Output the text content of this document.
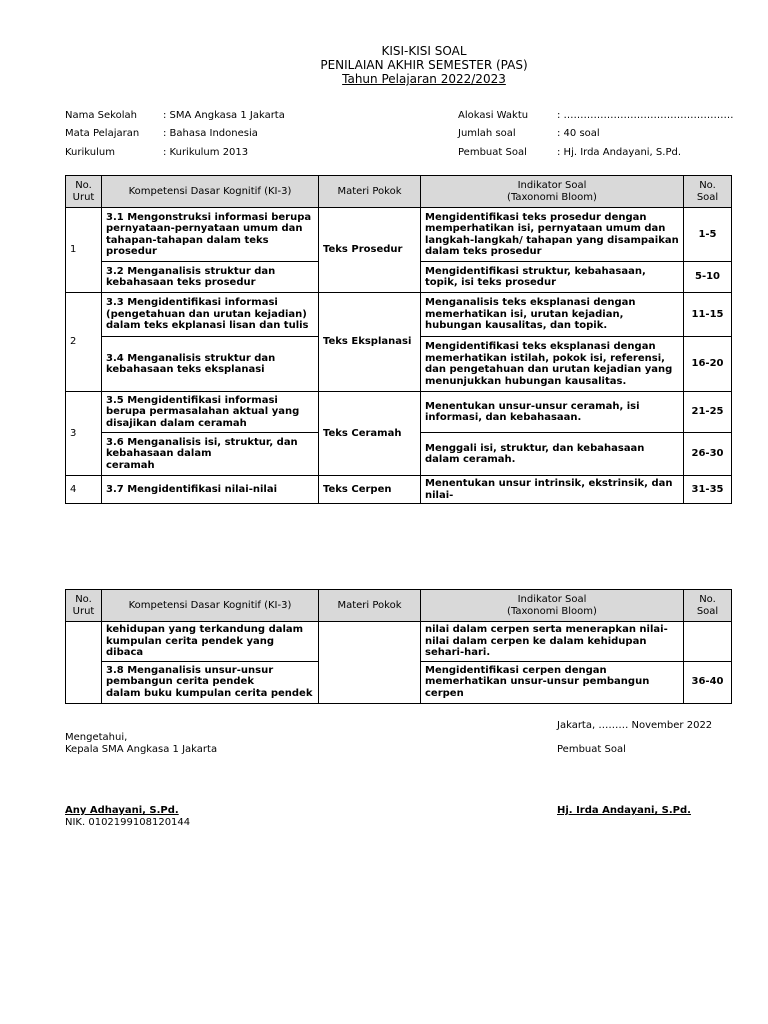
KISI-KISI SOAL
PENILAIAN AKHIR SEMESTER (PAS)
Tahun Pelajaran 2022/2023
Nama Sekolah	: SMA Angkasa 1 Jakarta
Mata Pelajaran : Bahasa Indonesia
Kurikulum	: Kurikulum 2013
Alokasi Waktu	: ……………………………………………
Jumlah soal	: 40 soal
Pembuat Soal	: Hj. Irda Andayani, S.Pd.
No.
Urut	Kompetensi Dasar Kognitif (KI-3)	Materi Pokok	Indikator Soal
(Taxonomi Bloom)	No.
Soal
1	3.1 Mengonstruksi informasi berupa pernyataan-pernyataan umum dan tahapan-tahapan dalam teks prosedur	Teks Prosedur	Mengidentifikasi teks prosedur dengan memperhatikan isi, pernyataan umum dan langkah-langkah/ tahapan yang disampaikan dalam teks prosedur	1-5
	3.2 Menganalisis struktur dan kebahasaan teks prosedur		Mengidentifikasi struktur, kebahasaan, topik, isi teks prosedur	5-10
2	3.3 Mengidentifikasi informasi (pengetahuan dan urutan kejadian) dalam teks ekplanasi lisan dan tulis	Teks Eksplanasi	Menganalisis teks eksplanasi dengan memerhatikan isi, urutan kejadian, hubungan kausalitas, dan topik.	11-15
	3.4 Menganalisis struktur dan kebahasaan teks eksplanasi		Mengidentifikasi teks eksplanasi dengan memerhatikan istilah, pokok isi, referensi, dan pengetahuan dan urutan kejadian yang menunjukkan hubungan kausalitas.	16-20
3	3.5 Mengidentifikasi informasi berupa permasalahan aktual yang disajikan dalam ceramah	Teks Ceramah	Menentukan unsur-unsur ceramah, isi informasi, dan kebahasaan.	21-25
	3.6 Menganalisis isi, struktur, dan
kebahasaan dalam
ceramah		Menggali isi, struktur, dan kebahasaan dalam ceramah.	26-30
4	3.7 Mengidentifikasi nilai-nilai	Teks Cerpen	Menentukan unsur intrinsik, ekstrinsik, dan nilai-	31-35
No.
Urut	Kompetensi Dasar Kognitif (KI-3)	Materi Pokok	Indikator Soal
(Taxonomi Bloom)	No.
Soal
	kehidupan yang terkandung dalam kumpulan cerita pendek yang dibaca		nilai dalam cerpen serta menerapkan nilai-nilai dalam cerpen ke dalam kehidupan sehari-hari.	
	3.8 Menganalisis unsur-unsur
pembangun cerita pendek
dalam buku kumpulan cerita pendek		Mengidentifikasi cerpen dengan memerhatikan unsur-unsur pembangun cerpen	36-40
Jakarta, ……… November 2022
Mengetahui,
Kepala SMA Angkasa 1 Jakarta	Pembuat Soal
Any Adhayani, S.Pd.
NIK. 0102199108120144
Hj. Irda Andayani, S.Pd.
